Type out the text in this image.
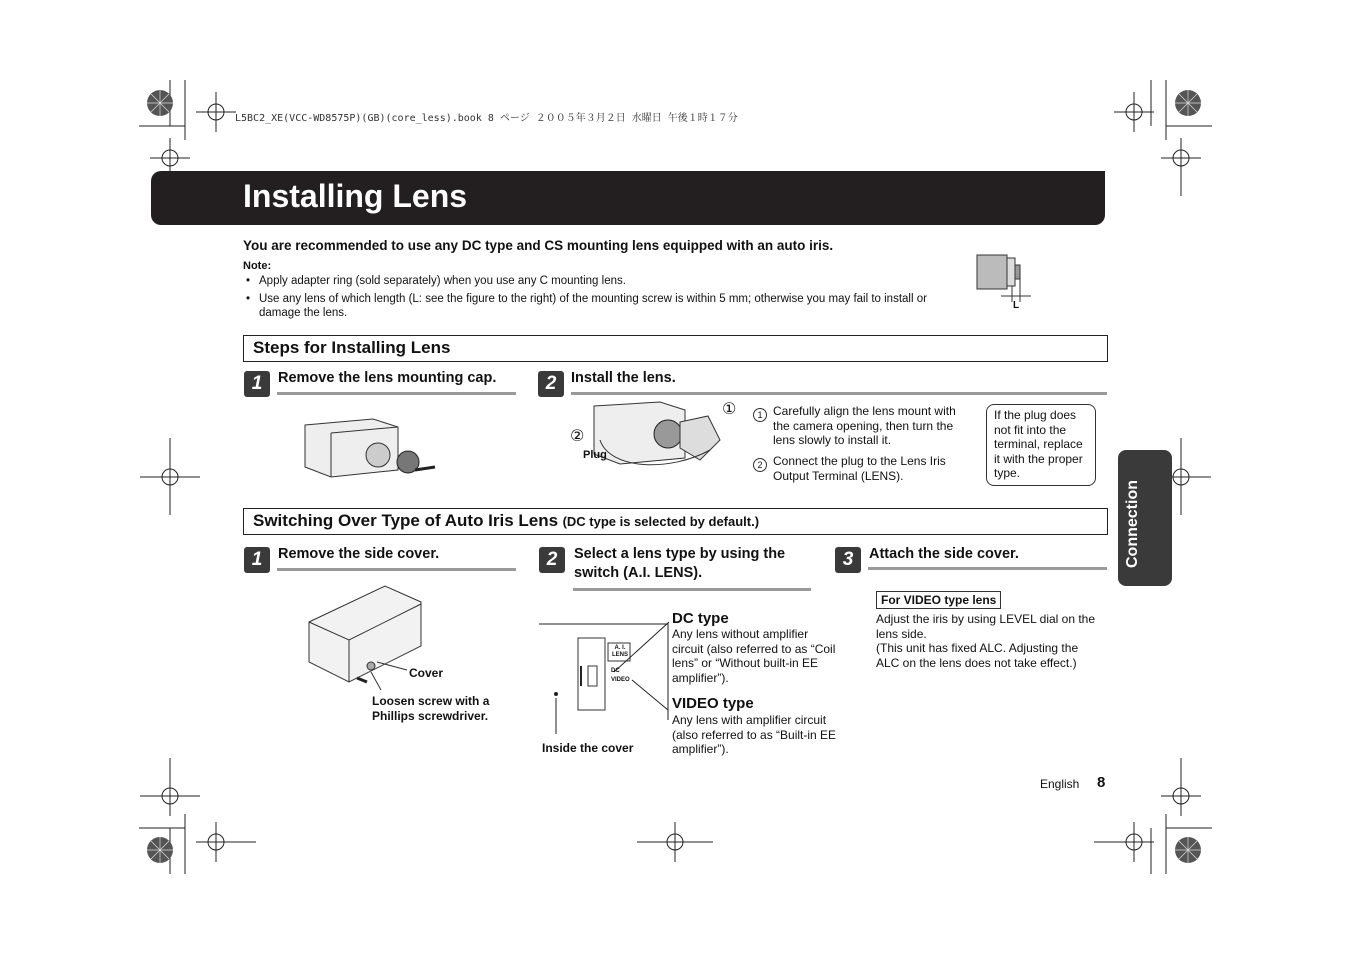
L5BC2_XE(VCC-WD8575P)(GB)(core_less).book 8 ページ ２００５年３月２日 水曜日 午後１時１７分
Installing Lens
You are recommended to use any DC type and CS mounting lens equipped with an auto iris.
Note:
• Apply adapter ring (sold separately) when you use any C mounting lens.
• Use any lens of which length (L: see the figure to the right) of the mounting screw is within 5 mm; otherwise you may fail to install or damage the lens.
L
Steps for Installing Lens
1	Remove the lens mounting cap.	2	Install the lens.
①
②
Plug
1 Carefully align the lens mount with the camera opening, then turn the lens slowly to install it.
2 Connect the plug to the Lens Iris Output Terminal (LENS).
If the plug does not fit into the terminal, replace it with the proper type.
Switching Over Type of Auto Iris Lens (DC type is selected by default.)
1	Remove the side cover.
Cover
Loosen screw with a
Phillips screwdriver.
2	Select a lens type by using the
switch (A.I. LENS).
A. I.
LENS
DC
VIDEO
Inside the cover
DC type
Any lens without amplifier circuit (also referred to as “Coil lens” or “Without built-in EE amplifier”).
VIDEO type
Any lens with amplifier circuit (also referred to as “Built-in EE amplifier”).
3	Attach the side cover.
For VIDEO type lens
Adjust the iris by using LEVEL dial on the lens side.
(This unit has fixed ALC. Adjusting the ALC on the lens does not take effect.)
Connection
English 8
